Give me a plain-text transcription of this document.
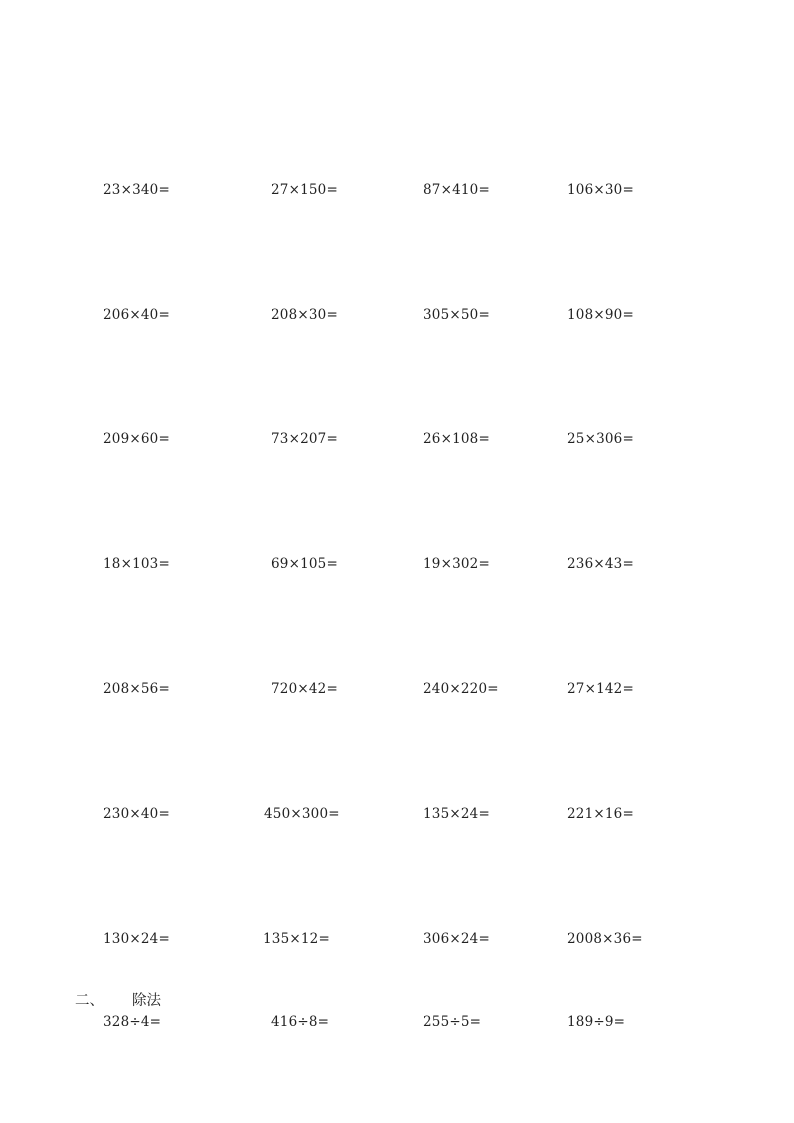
23×340=	27×150=	87×410=	106×30=
206×40=	208×30=	305×50=	108×90=
209×60=	73×207=	26×108=	25×306=
18×103=	69×105=	19×302=	236×43=
208×56=	720×42=	240×220=	27×142=
230×40=	450×300=	135×24=	221×16=
130×24=	135×12=	306×24=	2008×36=
二、 除法
328÷4=	416÷8=	255÷5=	189÷9=
